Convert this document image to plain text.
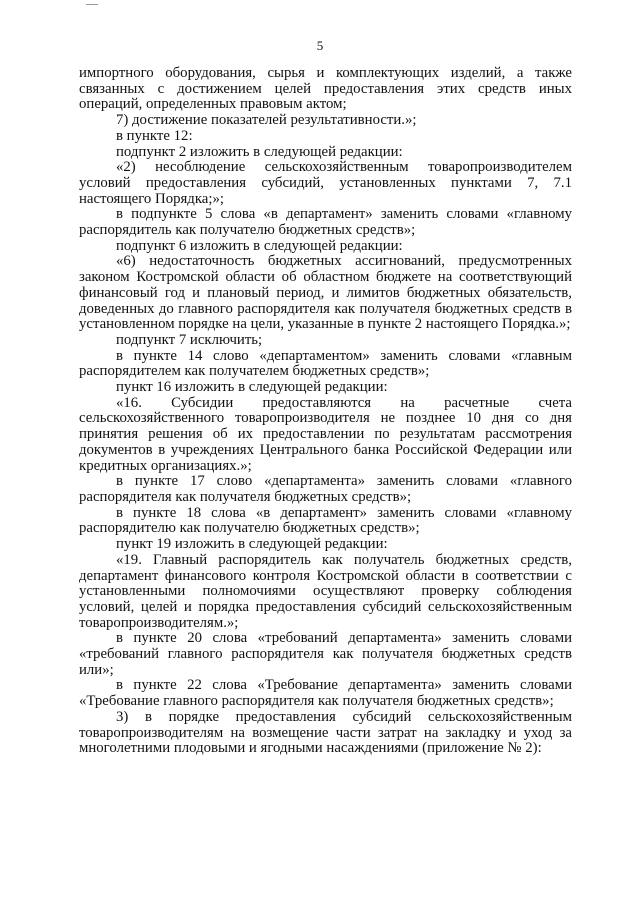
5

импортного оборудования, сырья и комплектующих изделий, а также связанных с достижением целей предоставления этих средств иных операций, определенных правовым актом;

7) достижение показателей результативности.»;

в пункте 12:

подпункт 2 изложить в следующей редакции:

«2) несоблюдение сельскохозяйственным товаропроизводителем условий предоставления субсидий, установленных пунктами 7, 7.1 настоящего Порядка;»;

в подпункте 5 слова «в департамент» заменить словами «главному распорядитель как получателю бюджетных средств»;

подпункт 6 изложить в следующей редакции:

«6) недостаточность бюджетных ассигнований, предусмотренных законом Костромской области об областном бюджете на соответствующий финансовый год и плановый период, и лимитов бюджетных обязательств, доведенных до главного распорядителя как получателя бюджетных средств в установленном порядке на цели, указанные в пункте 2 настоящего Порядка.»;

подпункт 7 исключить;

в пункте 14 слово «департаментом» заменить словами «главным распорядителем как получателем бюджетных средств»;

пункт 16 изложить в следующей редакции:

«16. Субсидии предоставляются на расчетные счета сельскохозяйственного товаропроизводителя не позднее 10 дня со дня принятия решения об их предоставлении по результатам рассмотрения документов в учреждениях Центрального банка Российской Федерации или кредитных организациях.»;

в пункте 17 слово «департамента» заменить словами «главного распорядителя как получателя бюджетных средств»;

в пункте 18 слова «в департамент» заменить словами «главному распорядителю как получателю бюджетных средств»;

пункт 19 изложить в следующей редакции:

«19. Главный распорядитель как получатель бюджетных средств, департамент финансового контроля Костромской области в соответствии с установленными полномочиями осуществляют проверку соблюдения условий, целей и порядка предоставления субсидий сельскохозяйственным товаропроизводителям.»;

в пункте 20 слова «требований департамента» заменить словами «требований главного распорядителя как получателя бюджетных средств или»;

в пункте 22 слова «Требование департамента» заменить словами «Требование главного распорядителя как получателя бюджетных средств»;

3) в порядке предоставления субсидий сельскохозяйственным товаропроизводителям на возмещение части затрат на закладку и уход за многолетними плодовыми и ягодными насаждениями (приложение № 2):
